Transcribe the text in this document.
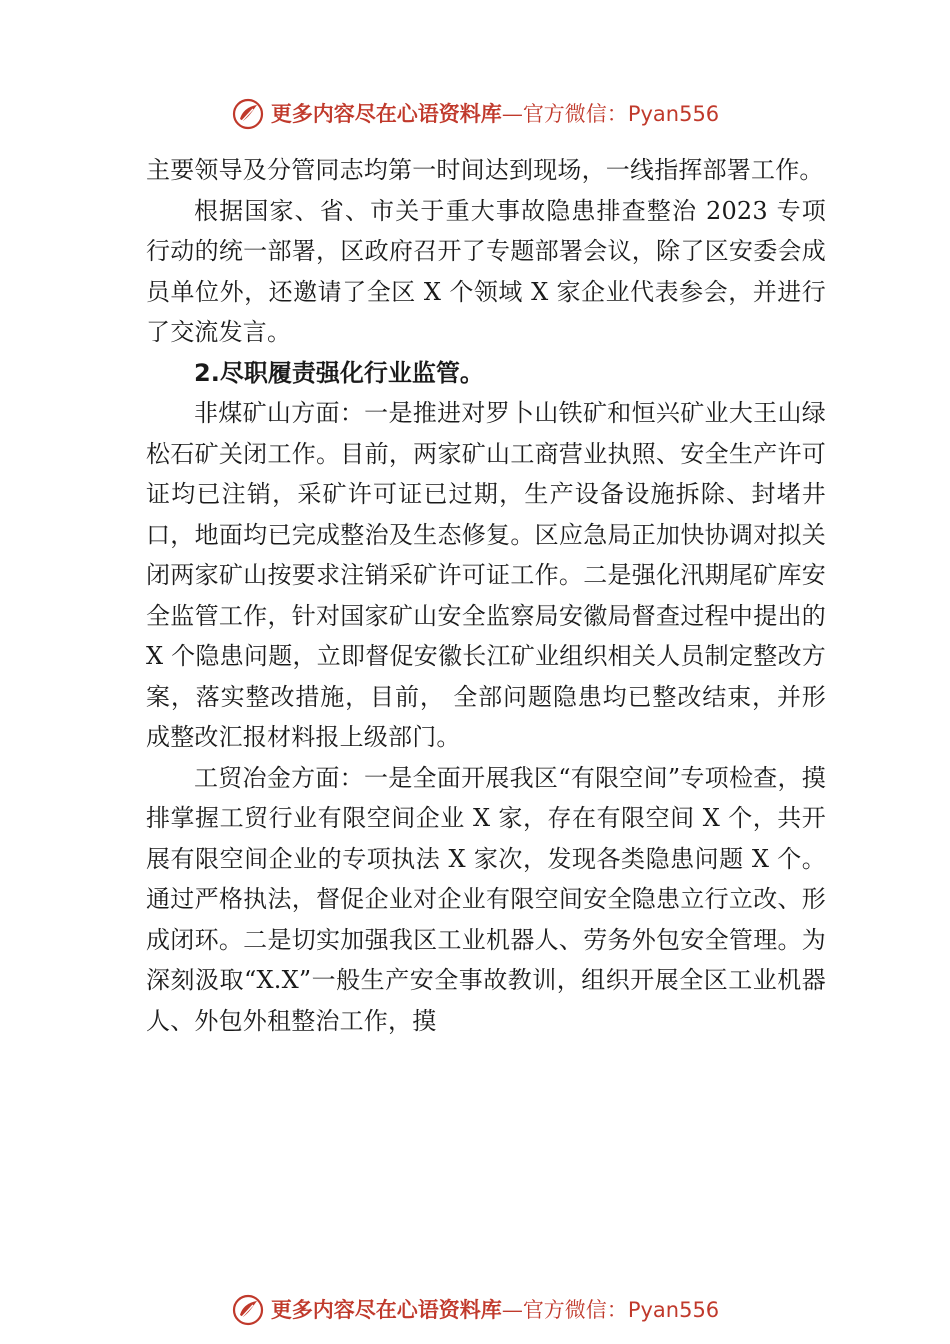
更多内容尽在心语资料库—官方微信：Pyan556

主要领导及分管同志均第一时间达到现场，一线指挥部署工作。

根据国家、省、市关于重大事故隐患排查整治 2023 专项行动的统一部署，区政府召开了专题部署会议，除了区安委会成员单位外，还邀请了全区 X 个领域 X 家企业代表参会，并进行了交流发言。

2.尽职履责强化行业监管。

非煤矿山方面：一是推进对罗卜山铁矿和恒兴矿业大王山绿松石矿关闭工作。目前，两家矿山工商营业执照、安全生产许可证均已注销，采矿许可证已过期，生产设备设施拆除、封堵井口，地面均已完成整治及生态修复。区应急局正加快协调对拟关闭两家矿山按要求注销采矿许可证工作。二是强化汛期尾矿库安全监管工作，针对国家矿山安全监察局安徽局督查过程中提出的 X 个隐患问题，立即督促安徽长江矿业组织相关人员制定整改方案，落实整改措施，目前， 全部问题隐患均已整改结束，并形成整改汇报材料报上级部门。

工贸冶金方面：一是全面开展我区“有限空间”专项检查，摸排掌握工贸行业有限空间企业 X 家，存在有限空间 X 个，共开展有限空间企业的专项执法 X 家次，发现各类隐患问题 X 个。通过严格执法，督促企业对企业有限空间安全隐患立行立改、形成闭环。二是切实加强我区工业机器人、劳务外包安全管理。为深刻汲取“X.X”一般生产安全事故教训，组织开展全区工业机器人、外包外租整治工作，摸

更多内容尽在心语资料库—官方微信：Pyan556
